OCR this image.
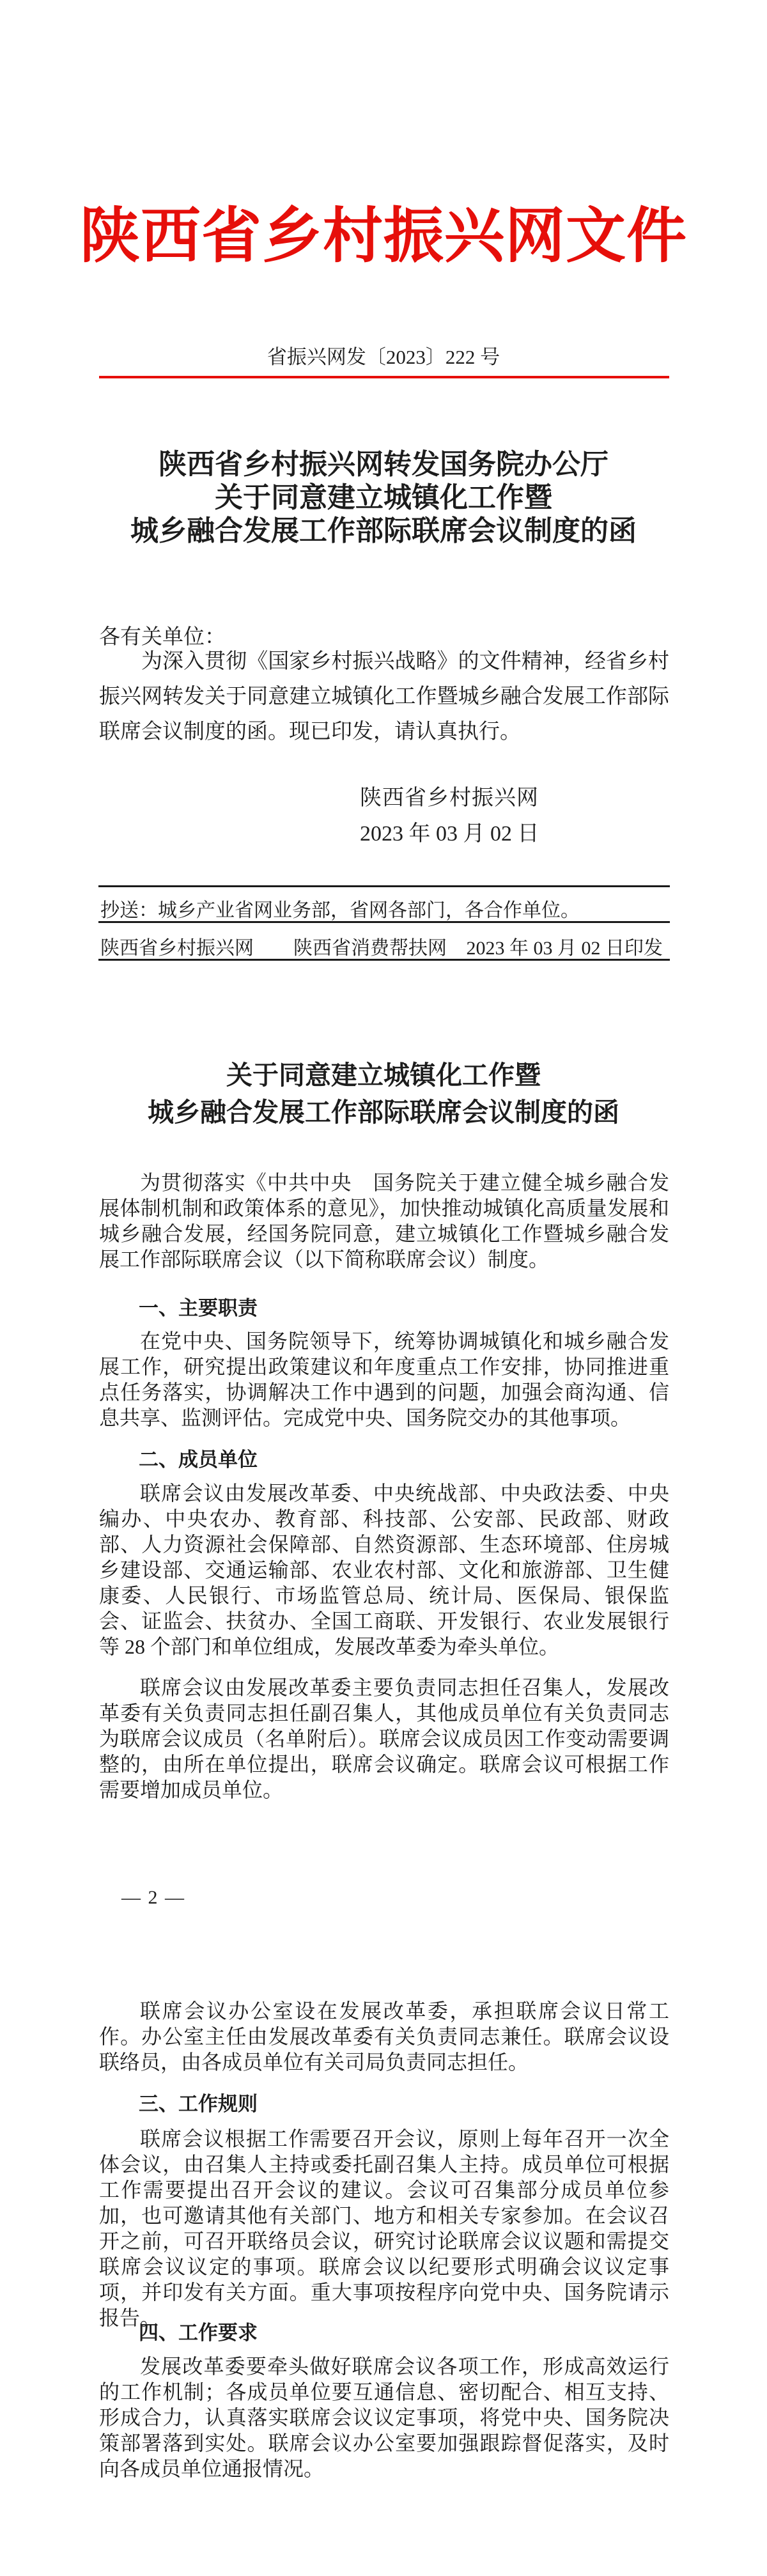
陕西省乡村振兴网文件
省振兴网发〔2023〕222 号
陕西省乡村振兴网转发国务院办公厅
关于同意建立城镇化工作暨
城乡融合发展工作部际联席会议制度的函
各有关单位：
为深入贯彻《国家乡村振兴战略》的文件精神，经省乡村振兴网转发关于同意建立城镇化工作暨城乡融合发展工作部际联席会议制度的函。现已印发，请认真执行。
陕西省乡村振兴网
2023 年 03 月 02 日
抄送：城乡产业省网业务部，省网各部门，各合作单位。
陕西省乡村振兴网 陕西省消费帮扶网 2023 年 03 月 02 日印发
关于同意建立城镇化工作暨
城乡融合发展工作部际联席会议制度的函
为贯彻落实《中共中央　国务院关于建立健全城乡融合发展体制机制和政策体系的意见》，加快推动城镇化高质量发展和城乡融合发展，经国务院同意，建立城镇化工作暨城乡融合发展工作部际联席会议（以下简称联席会议）制度。
一、主要职责
在党中央、国务院领导下，统筹协调城镇化和城乡融合发展工作，研究提出政策建议和年度重点工作安排，协同推进重点任务落实，协调解决工作中遇到的问题，加强会商沟通、信息共享、监测评估。完成党中央、国务院交办的其他事项。
二、成员单位
联席会议由发展改革委、中央统战部、中央政法委、中央编办、中央农办、教育部、科技部、公安部、民政部、财政部、人力资源社会保障部、自然资源部、生态环境部、住房城乡建设部、交通运输部、农业农村部、文化和旅游部、卫生健康委、人民银行、市场监管总局、统计局、医保局、银保监会、证监会、扶贫办、全国工商联、开发银行、农业发展银行等 28 个部门和单位组成，发展改革委为牵头单位。
联席会议由发展改革委主要负责同志担任召集人，发展改革委有关负责同志担任副召集人，其他成员单位有关负责同志为联席会议成员（名单附后）。联席会议成员因工作变动需要调整的，由所在单位提出，联席会议确定。联席会议可根据工作需要增加成员单位。
— 2 —
联席会议办公室设在发展改革委，承担联席会议日常工作。办公室主任由发展改革委有关负责同志兼任。联席会议设联络员，由各成员单位有关司局负责同志担任。
三、工作规则
联席会议根据工作需要召开会议，原则上每年召开一次全体会议，由召集人主持或委托副召集人主持。成员单位可根据工作需要提出召开会议的建议。会议可召集部分成员单位参加，也可邀请其他有关部门、地方和相关专家参加。在会议召开之前，可召开联络员会议，研究讨论联席会议议题和需提交联席会议议定的事项。联席会议以纪要形式明确会议议定事项，并印发有关方面。重大事项按程序向党中央、国务院请示报告。
四、工作要求
发展改革委要牵头做好联席会议各项工作，形成高效运行的工作机制；各成员单位要互通信息、密切配合、相互支持、形成合力，认真落实联席会议议定事项，将党中央、国务院决策部署落到实处。联席会议办公室要加强跟踪督促落实，及时向各成员单位通报情况。
